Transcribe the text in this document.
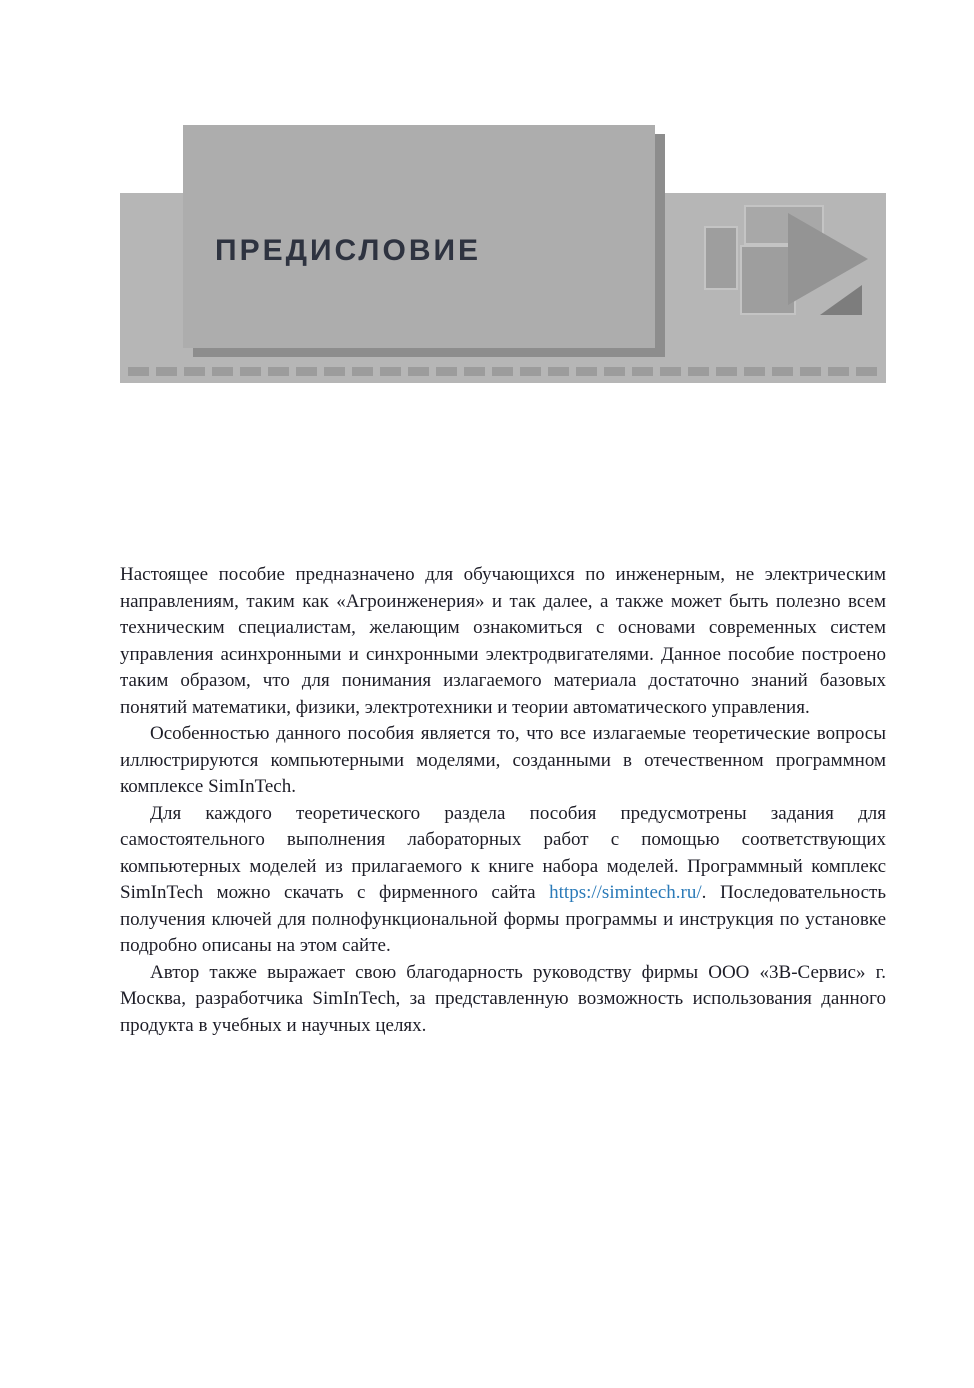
ПРЕДИСЛОВИЕ

Настоящее пособие предназначено для обучающихся по инженерным, не электрическим направлениям, таким как «Агроинженерия» и так далее, а также может быть полезно всем техническим специалистам, желающим ознакомиться с основами современных систем управления асинхронными и синхронными электродвигателями. Данное пособие построено таким образом, что для понимания излагаемого материала достаточно знаний базовых понятий математики, физики, электротехники и теории автоматического управления.

Особенностью данного пособия является то, что все излагаемые теоретические вопросы иллюстрируются компьютерными моделями, созданными в отечественном программном комплексе SimInTech.

Для каждого теоретического раздела пособия предусмотрены задания для самостоятельного выполнения лабораторных работ с помощью соответствующих компьютерных моделей из прилагаемого к книге набора моделей. Программный комплекс SimInTech можно скачать с фирменного сайта https://simintech.ru/. Последовательность получения ключей для полнофункциональной формы программы и инструкция по установке подробно описаны на этом сайте.

Автор также выражает свою благодарность руководству фирмы ООО «3В-Сервис» г. Москва, разработчика SimInTech, за представленную возможность использования данного продукта в учебных и научных целях.
